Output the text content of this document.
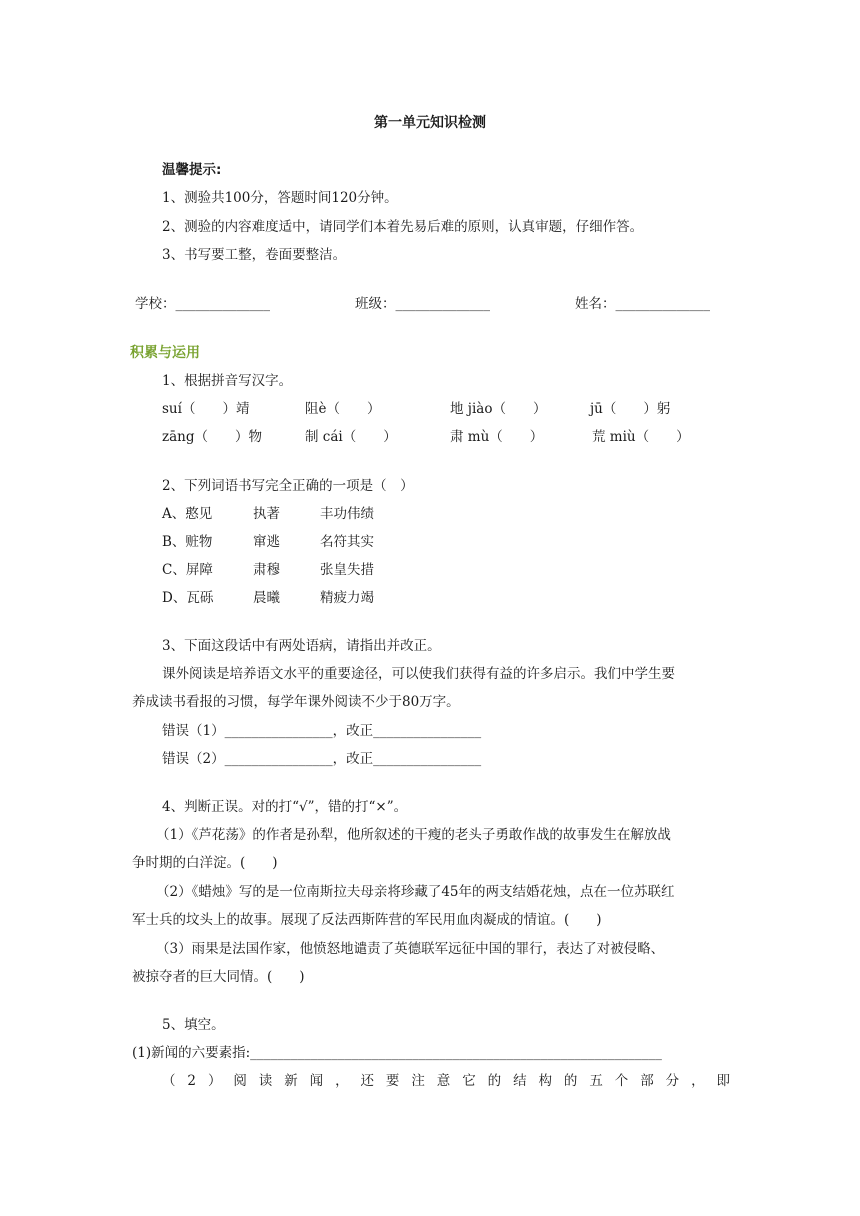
第一单元知识检测
温馨提示:
1、测验共100分，答题时间120分钟。
2、测验的内容难度适中，请同学们本着先易后难的原则，认真审题，仔细作答。
3、书写要工整，卷面要整洁。
学校：______________	班级：______________	姓名：______________
积累与运用
1、根据拼音写汉字。
suí（　　）靖	阻è（　　）	地 jiào（　　）	jū（　　）躬
zāng（　　）物	制 cái（　　）	肃 mù（　　）	荒 miù（　　）
2、下列词语书写完全正确的一项是（　）
A、憨见	执著	丰功伟绩
B、赃物	窜逃	名符其实
C、屏障	肃穆	张皇失措
D、瓦砾	晨曦	精疲力竭
3、下面这段话中有两处语病，请指出并改正。
课外阅读是培养语文水平的重要途径，可以使我们获得有益的许多启示。我们中学生要
养成读书看报的习惯，每学年课外阅读不少于80万字。
错误（1）________________，改正________________
错误（2）________________，改正________________
4、判断正误。对的打“√”，错的打“×”。
（1）《芦花荡》的作者是孙犁，他所叙述的干瘦的老头子勇敢作战的故事发生在解放战
争时期的白洋淀。(　　)
（2）《蜡烛》写的是一位南斯拉夫母亲将珍藏了45年的两支结婚花烛，点在一位苏联红
军士兵的坟头上的故事。展现了反法西斯阵营的军民用血肉凝成的情谊。(　　)
（3）雨果是法国作家，他愤怒地谴责了英德联军远征中国的罪行，表达了对被侵略、
被掠夺者的巨大同情。(　　)
5、填空。
(1)新闻的六要素指:_____________________________________________________________
（2）阅读新闻，还要注意它的结构的五个部分，即
